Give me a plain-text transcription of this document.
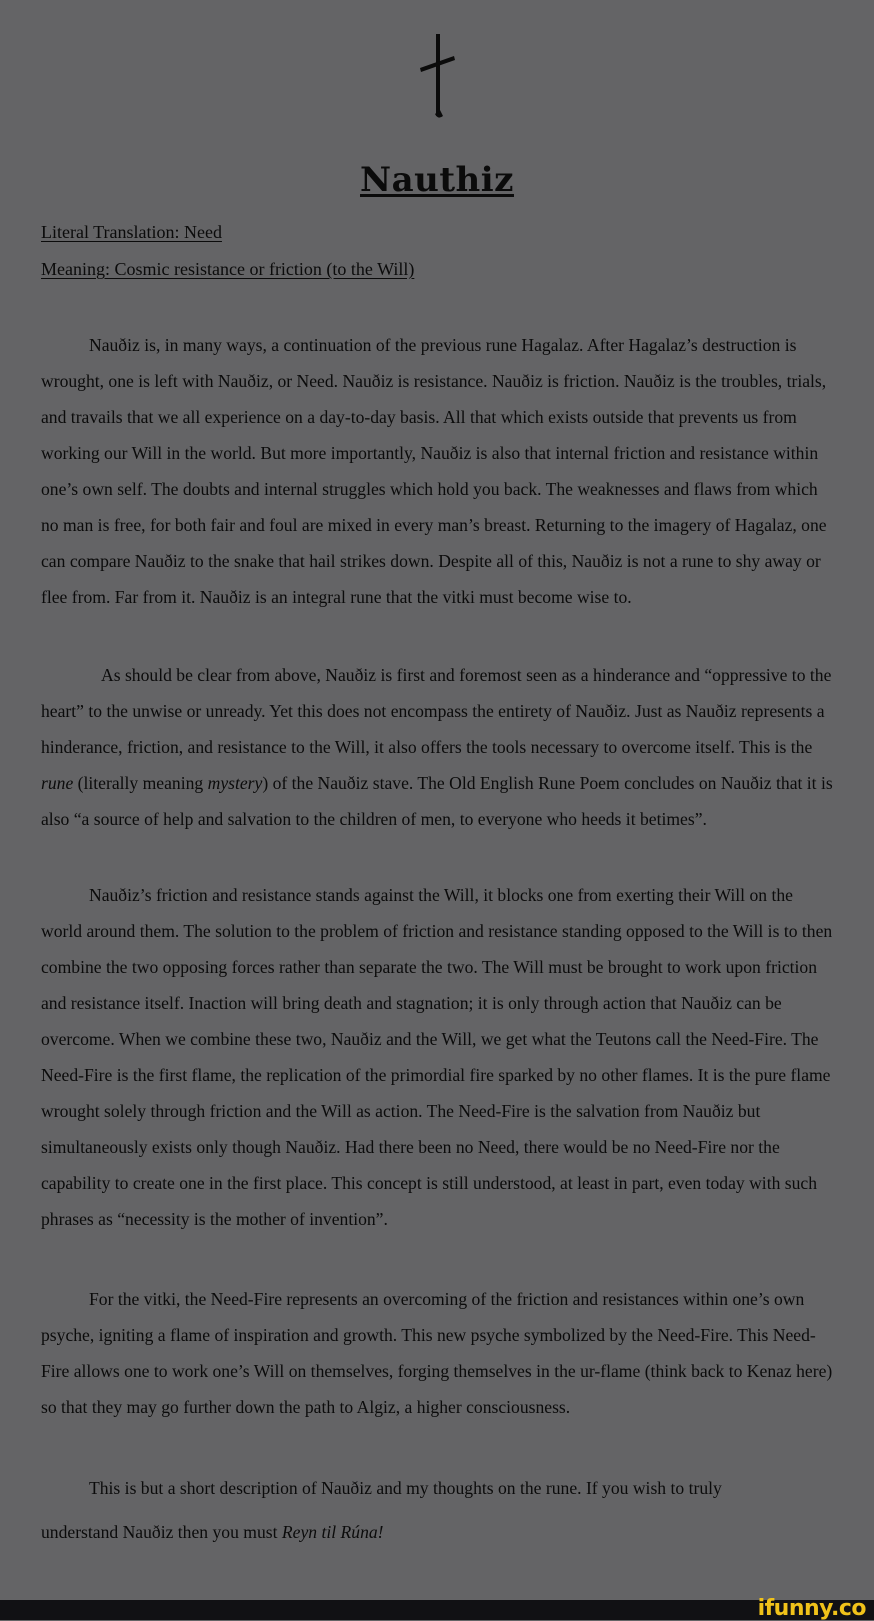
Nauthiz
Literal Translation: Need
Meaning: Cosmic resistance or friction (to the Will)

Nauðiz is, in many ways, a continuation of the previous rune Hagalaz. After Hagalaz’s destruction is wrought, one is left with Nauðiz, or Need. Nauðiz is resistance. Nauðiz is friction. Nauðiz is the troubles, trials, and travails that we all experience on a day-to-day basis. All that which exists outside that prevents us from working our Will in the world. But more importantly, Nauðiz is also that internal friction and resistance within one’s own self. The doubts and internal struggles which hold you back. The weaknesses and flaws from which no man is free, for both fair and foul are mixed in every man’s breast. Returning to the imagery of Hagalaz, one can compare Nauðiz to the snake that hail strikes down. Despite all of this, Nauðiz is not a rune to shy away or flee from. Far from it. Nauðiz is an integral rune that the vitki must become wise to.

As should be clear from above, Nauðiz is first and foremost seen as a hinderance and “oppressive to the heart” to the unwise or unready. Yet this does not encompass the entirety of Nauðiz. Just as Nauðiz represents a hinderance, friction, and resistance to the Will, it also offers the tools necessary to overcome itself. This is the rune (literally meaning mystery) of the Nauðiz stave. The Old English Rune Poem concludes on Nauðiz that it is also “a source of help and salvation to the children of men, to everyone who heeds it betimes”.

Nauðiz’s friction and resistance stands against the Will, it blocks one from exerting their Will on the world around them. The solution to the problem of friction and resistance standing opposed to the Will is to then combine the two opposing forces rather than separate the two. The Will must be brought to work upon friction and resistance itself. Inaction will bring death and stagnation; it is only through action that Nauðiz can be overcome. When we combine these two, Nauðiz and the Will, we get what the Teutons call the Need-Fire. The Need-Fire is the first flame, the replication of the primordial fire sparked by no other flames. It is the pure flame wrought solely through friction and the Will as action. The Need-Fire is the salvation from Nauðiz but simultaneously exists only though Nauðiz. Had there been no Need, there would be no Need-Fire nor the capability to create one in the first place. This concept is still understood, at least in part, even today with such phrases as “necessity is the mother of invention”.

For the vitki, the Need-Fire represents an overcoming of the friction and resistances within one’s own psyche, igniting a flame of inspiration and growth. This new psyche symbolized by the Need-Fire. This Need-Fire allows one to work one’s Will on themselves, forging themselves in the ur-flame (think back to Kenaz here) so that they may go further down the path to Algiz, a higher consciousness.

This is but a short description of Nauðiz and my thoughts on the rune. If you wish to truly
understand Nauðiz then you must Reyn til Rúna!

ifunny.co
